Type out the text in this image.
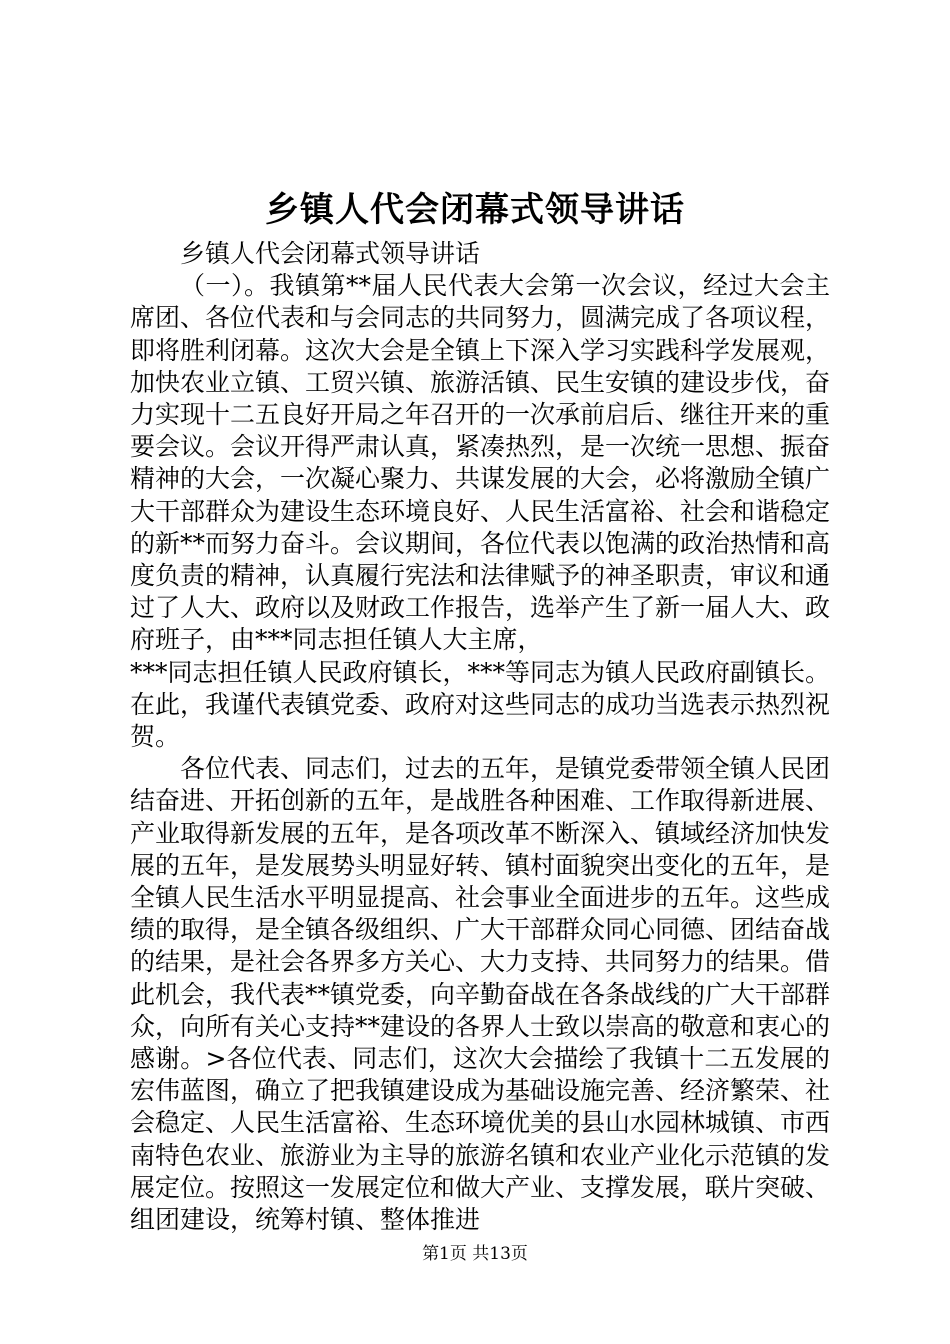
乡镇人代会闭幕式领导讲话

乡镇人代会闭幕式领导讲话

（一）。我镇第**届人民代表大会第一次会议，经过大会主席团、各位代表和与会同志的共同努力，圆满完成了各项议程，即将胜利闭幕。这次大会是全镇上下深入学习实践科学发展观，加快农业立镇、工贸兴镇、旅游活镇、民生安镇的建设步伐，奋力实现十二五良好开局之年召开的一次承前启后、继往开来的重要会议。会议开得严肃认真，紧凑热烈，是一次统一思想、振奋精神的大会，一次凝心聚力、共谋发展的大会，必将激励全镇广大干部群众为建设生态环境良好、人民生活富裕、社会和谐稳定的新**而努力奋斗。会议期间，各位代表以饱满的政治热情和高度负责的精神，认真履行宪法和法律赋予的神圣职责，审议和通过了人大、政府以及财政工作报告，选举产生了新一届人大、政府班子，由***同志担任镇人大主席，

***同志担任镇人民政府镇长，***等同志为镇人民政府副镇长。

在此，我谨代表镇党委、政府对这些同志的成功当选表示热烈祝贺。

各位代表、同志们，过去的五年，是镇党委带领全镇人民团结奋进、开拓创新的五年，是战胜各种困难、工作取得新进展、产业取得新发展的五年，是各项改革不断深入、镇域经济加快发展的五年，是发展势头明显好转、镇村面貌突出变化的五年，是全镇人民生活水平明显提高、社会事业全面进步的五年。这些成绩的取得，是全镇各级组织、广大干部群众同心同德、团结奋战的结果，是社会各界多方关心、大力支持、共同努力的结果。借此机会，我代表**镇党委，向辛勤奋战在各条战线的广大干部群众，向所有关心支持**建设的各界人士致以崇高的敬意和衷心的感谢。>各位代表、同志们，这次大会描绘了我镇十二五发展的宏伟蓝图，确立了把我镇建设成为基础设施完善、经济繁荣、社会稳定、人民生活富裕、生态环境优美的县山水园林城镇、市西南特色农业、旅游业为主导的旅游名镇和农业产业化示范镇的发展定位。按照这一发展定位和做大产业、支撑发展，联片突破、组团建设，统筹村镇、整体推进

第1页 共13页
